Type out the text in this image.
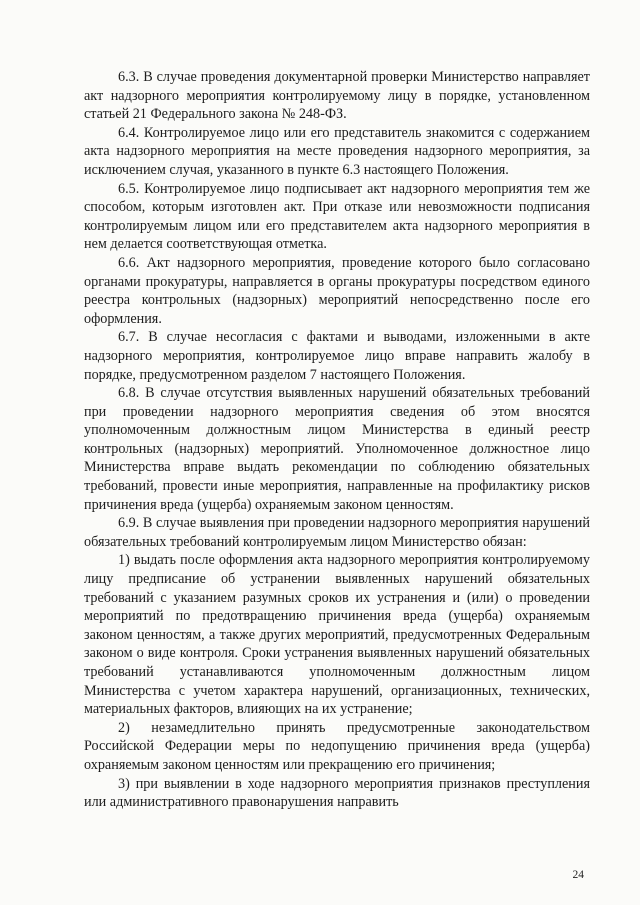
6.3. В случае проведения документарной проверки Министерство направляет акт надзорного мероприятия контролируемому лицу в порядке, установленном статьей 21 Федерального закона № 248-ФЗ.

6.4. Контролируемое лицо или его представитель знакомится с содержанием акта надзорного мероприятия на месте проведения надзорного мероприятия, за исключением случая, указанного в пункте 6.3 настоящего Положения.

6.5. Контролируемое лицо подписывает акт надзорного мероприятия тем же способом, которым изготовлен акт. При отказе или невозможности подписания контролируемым лицом или его представителем акта надзорного мероприятия в нем делается соответствующая отметка.

6.6. Акт надзорного мероприятия, проведение которого было согласовано органами прокуратуры, направляется в органы прокуратуры посредством единого реестра контрольных (надзорных) мероприятий непосредственно после его оформления.

6.7. В случае несогласия с фактами и выводами, изложенными в акте надзорного мероприятия, контролируемое лицо вправе направить жалобу в порядке, предусмотренном разделом 7 настоящего Положения.

6.8. В случае отсутствия выявленных нарушений обязательных требований при проведении надзорного мероприятия сведения об этом вносятся уполномоченным должностным лицом Министерства в единый реестр контрольных (надзорных) мероприятий. Уполномоченное должностное лицо Министерства вправе выдать рекомендации по соблюдению обязательных требований, провести иные мероприятия, направленные на профилактику рисков причинения вреда (ущерба) охраняемым законом ценностям.

6.9. В случае выявления при проведении надзорного мероприятия нарушений обязательных требований контролируемым лицом Министерство обязан:

1) выдать после оформления акта надзорного мероприятия контролируемому лицу предписание об устранении выявленных нарушений обязательных требований с указанием разумных сроков их устранения и (или) о проведении мероприятий по предотвращению причинения вреда (ущерба) охраняемым законом ценностям, а также других мероприятий, предусмотренных Федеральным законом о виде контроля. Сроки устранения выявленных нарушений обязательных требований устанавливаются уполномоченным должностным лицом Министерства с учетом характера нарушений, организационных, технических, материальных факторов, влияющих на их устранение;

2) незамедлительно принять предусмотренные законодательством Российской Федерации меры по недопущению причинения вреда (ущерба) охраняемым законом ценностям или прекращению его причинения;

3) при выявлении в ходе надзорного мероприятия признаков преступления или административного правонарушения направить

24
